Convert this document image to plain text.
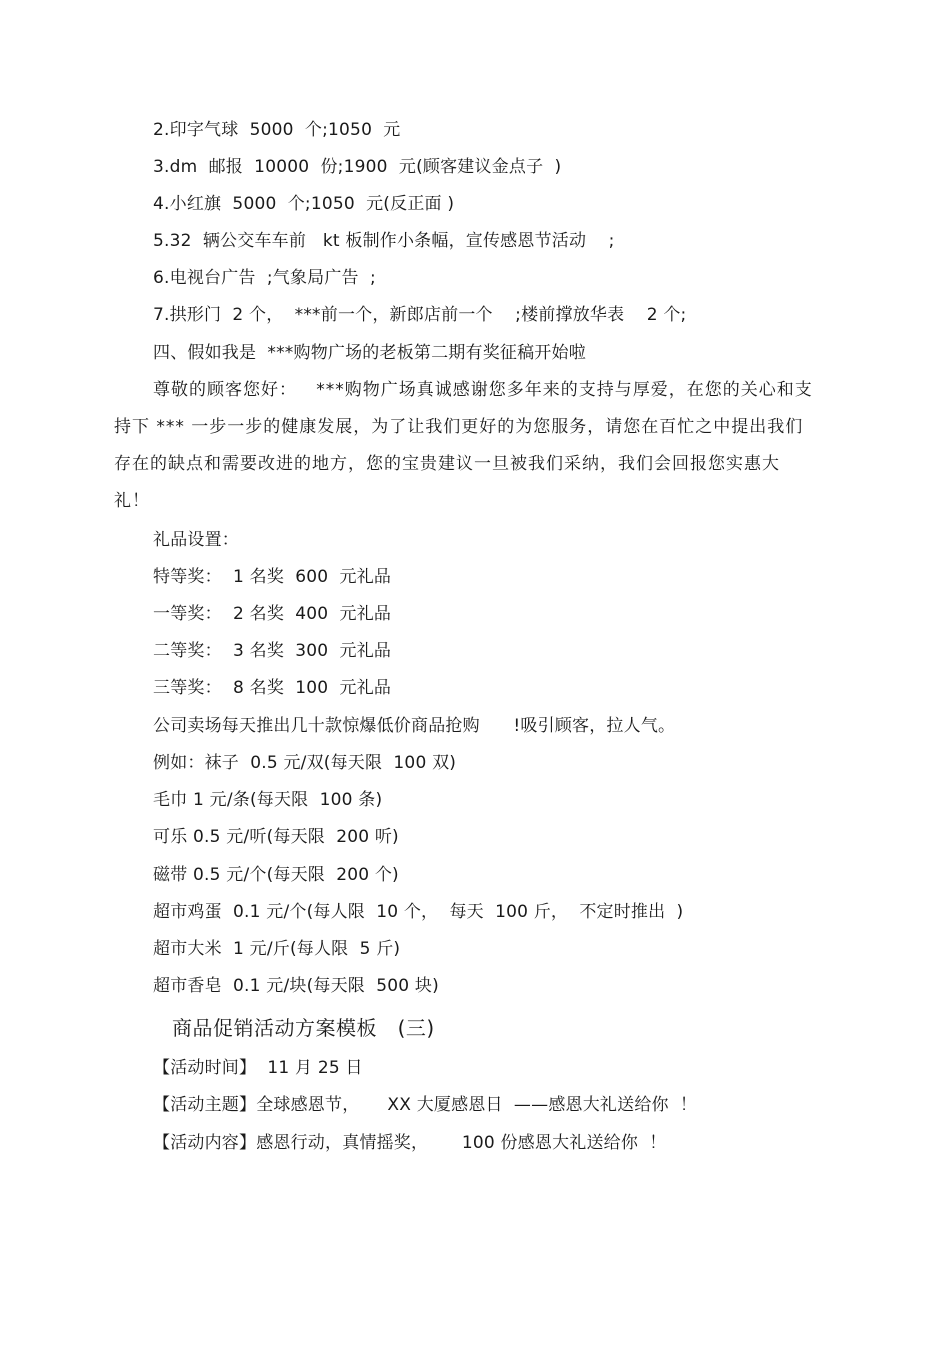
2.印字气球  5000  个;1050  元
3.dm  邮报  10000  份;1900  元(顾客建议金点子  )
4.小红旗  5000  个;1050  元(反正面 )
5.32  辆公交车车前   kt 板制作小条幅，宣传感恩节活动    ;
6.电视台广告  ;气象局广告  ;
7.拱形门  2 个，  ***前一个，新郎店前一个    ;楼前撑放华表    2 个;
四、假如我是  ***购物广场的老板第二期有奖征稿开始啦
尊敬的顾客您好：   ***购物广场真诚感谢您多年来的支持与厚爱，在您的关心和支
持下 *** 一步一步的健康发展，为了让我们更好的为您服务，请您在百忙之中提出我们
存在的缺点和需要改进的地方，您的宝贵建议一旦被我们采纳，我们会回报您实惠大
礼！
礼品设置：
特等奖：  1 名奖  600  元礼品
一等奖：  2 名奖  400  元礼品
二等奖：  3 名奖  300  元礼品
三等奖：  8 名奖  100  元礼品
公司卖场每天推出几十款惊爆低价商品抢购      !吸引顾客，拉人气。
例如：袜子  0.5 元/双(每天限  100 双)
毛巾 1 元/条(每天限  100 条)
可乐 0.5 元/听(每天限  200 听)
磁带 0.5 元/个(每天限  200 个)
超市鸡蛋  0.1 元/个(每人限  10 个，  每天  100 斤，  不定时推出  )
超市大米  1 元/斤(每人限  5 斤)
超市香皂  0.1 元/块(每天限  500 块)
商品促销活动方案模板   (三)
【活动时间】  11 月 25 日
【活动主题】全球感恩节，     XX 大厦感恩日  ——感恩大礼送给你  ！
【活动内容】感恩行动，真情摇奖，      100 份感恩大礼送给你  ！
